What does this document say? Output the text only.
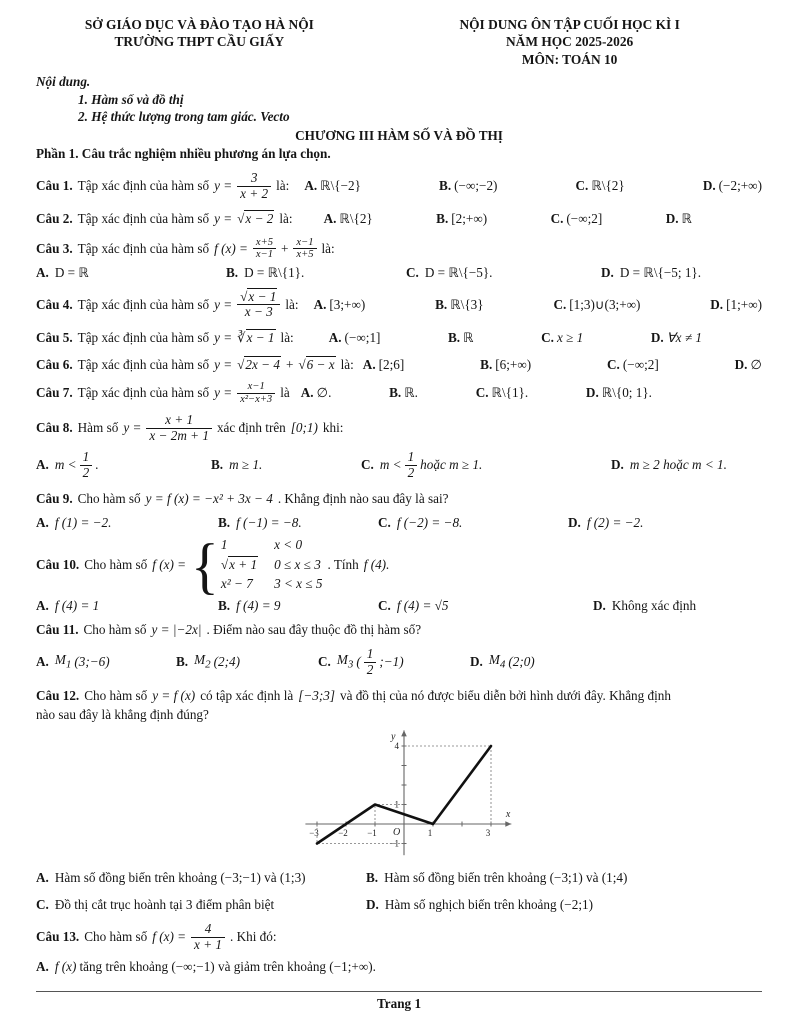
SỞ GIÁO DỤC VÀ ĐÀO TẠO HÀ NỘI
TRƯỜNG THPT CẦU GIẤY
NỘI DUNG ÔN TẬP CUỐI HỌC KÌ I
NĂM HỌC 2025-2026
MÔN: TOÁN 10
Nội dung.
1. Hàm số và đồ thị
2. Hệ thức lượng trong tam giác. Vecto
CHƯƠNG III HÀM SỐ VÀ ĐỒ THỊ
Phần 1. Câu trắc nghiệm nhiều phương án lựa chọn.
Câu 1. Tập xác định của hàm số $y = \frac{3}{x + 2}$ là: A. ℝ\{−2}	B. (−∞;−2)	C. ℝ\{2}	D. (−2;+∞)
Câu 2. Tập xác định của hàm số y = √x − 2 là: A. ℝ\{2}	B. [2;+∞)	C. (−∞;2]	D. ℝ
Câu 3. Tập xác định của hàm số f $(x) = \frac{x+5}{x-1} + \frac{x-1}{x+5}$ là:
A. D = ℝ	B. D = ℝ\{1}.	C. D = ℝ\{−5}.	D. D = ℝ\{−5; 1}.
Câu 4. Tập xác định của hàm số $y = \frac{√x - 1}{x - 3}$ là: A. [3;+∞)	B. ℝ\{3}	C. [1;3)∪(3;+∞)	D. [1;+∞)
Câu 5. Tập xác định của hàm số y = ∛x − 1 là:	A. (−∞;1]	B. ℝ	C. x ≥ 1	D. ∀x ≠ 1
Câu 6. Tập xác định của hàm số y = √2x − 4 + √6 − x là: A. [2;6]	B. [6;+∞)	C. (−∞;2]	D. ∅
Câu 7. Tập xác định của hàm số $y = \frac{x-1}{\text{x²−x+3}}$ là A. ∅.	B. ℝ.	C. ℝ\{1}.	D. ℝ\{0; 1}.
Câu 8. Hàm số $y = \frac{x + 1}{x - 2m + 1}$ xác định trên [0;1) khi:
A. $m < \frac{1}{2}$ .	B. m ≥ 1.	C. $m < \frac{1}{2}$ hoặc m ≥ 1.	D. m ≥ 2 hoặc m < 1.
Câu 9. Cho hàm số y = f (x) = −x² + 3x − 4 . Khẳng định nào sau đây là sai?
A. f (1) = −2.	B. f (−1) = −8.	C. f (−2) = −8.	D. f (2) = −2.
Câu 10. Cho hàm số f (x) = { 1	x < 0
√x + 1 0 ≤ x ≤ 3
x² − 7	3 < x ≤ 5
. Tính f (4).
A. f (4) = 1	B. f (4) = 9	C. f (4) = √5	D. Không xác định
Câu 11. Cho hàm số y = |−2x| . Điểm nào sau đây thuộc đồ thị hàm số?
A. $M_1$ (3;−6)	B. $M_2$ (2;4)	C. $M_3$ ( $\frac{1}{2}$ ;−1)	D. $M_4$ (2;0)
Câu 12. Cho hàm số y = f (x) có tập xác định là [−3;3] và đồ thị của nó được biểu diễn bởi hình dưới đây. Khẳng định
nào sau đây là khẳng định đúng?
−3 −2 −1	1	3
−1
1
4
x
y
O
A. Hàm số đồng biến trên khoảng (−3;−1) và (1;3)	B. Hàm số đồng biến trên khoảng (−3;1) và (1;4)
C. Đồ thị cắt trục hoành tại 3 điểm phân biệt	D. Hàm số nghịch biến trên khoảng (−2;1)
Câu 13. Cho hàm số f $(x) = \frac{4}{x + 1}$ . Khi đó:
A. f (x) tăng trên khoảng (−∞;−1) và giảm trên khoảng (−1;+∞).
Trang 1
